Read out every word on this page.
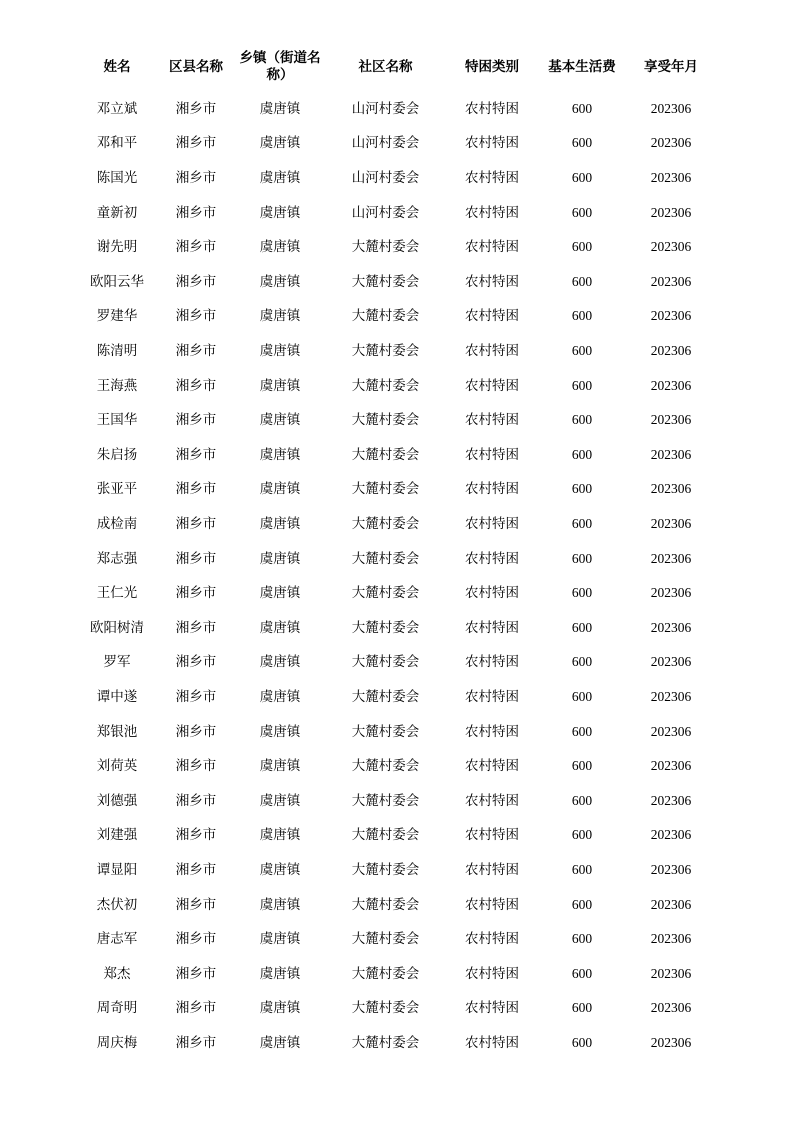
姓名	区县名称	乡镇（街道名称）	社区名称	特困类别	基本生活费	享受年月

邓立斌	湘乡市	虞唐镇	山河村委会	农村特困	600	202306

邓和平	湘乡市	虞唐镇	山河村委会	农村特困	600	202306

陈国光	湘乡市	虞唐镇	山河村委会	农村特困	600	202306

童新初	湘乡市	虞唐镇	山河村委会	农村特困	600	202306

谢先明	湘乡市	虞唐镇	大麓村委会	农村特困	600	202306

欧阳云华	湘乡市	虞唐镇	大麓村委会	农村特困	600	202306

罗建华	湘乡市	虞唐镇	大麓村委会	农村特困	600	202306

陈清明	湘乡市	虞唐镇	大麓村委会	农村特困	600	202306

王海燕	湘乡市	虞唐镇	大麓村委会	农村特困	600	202306

王国华	湘乡市	虞唐镇	大麓村委会	农村特困	600	202306

朱启扬	湘乡市	虞唐镇	大麓村委会	农村特困	600	202306

张亚平	湘乡市	虞唐镇	大麓村委会	农村特困	600	202306

成检南	湘乡市	虞唐镇	大麓村委会	农村特困	600	202306

郑志强	湘乡市	虞唐镇	大麓村委会	农村特困	600	202306

王仁光	湘乡市	虞唐镇	大麓村委会	农村特困	600	202306

欧阳树清	湘乡市	虞唐镇	大麓村委会	农村特困	600	202306

罗军	湘乡市	虞唐镇	大麓村委会	农村特困	600	202306

谭中遂	湘乡市	虞唐镇	大麓村委会	农村特困	600	202306

郑银池	湘乡市	虞唐镇	大麓村委会	农村特困	600	202306

刘荷英	湘乡市	虞唐镇	大麓村委会	农村特困	600	202306

刘德强	湘乡市	虞唐镇	大麓村委会	农村特困	600	202306

刘建强	湘乡市	虞唐镇	大麓村委会	农村特困	600	202306

谭显阳	湘乡市	虞唐镇	大麓村委会	农村特困	600	202306

杰伏初	湘乡市	虞唐镇	大麓村委会	农村特困	600	202306

唐志军	湘乡市	虞唐镇	大麓村委会	农村特困	600	202306

郑杰	湘乡市	虞唐镇	大麓村委会	农村特困	600	202306

周奇明	湘乡市	虞唐镇	大麓村委会	农村特困	600	202306

周庆梅	湘乡市	虞唐镇	大麓村委会	农村特困	600	202306
